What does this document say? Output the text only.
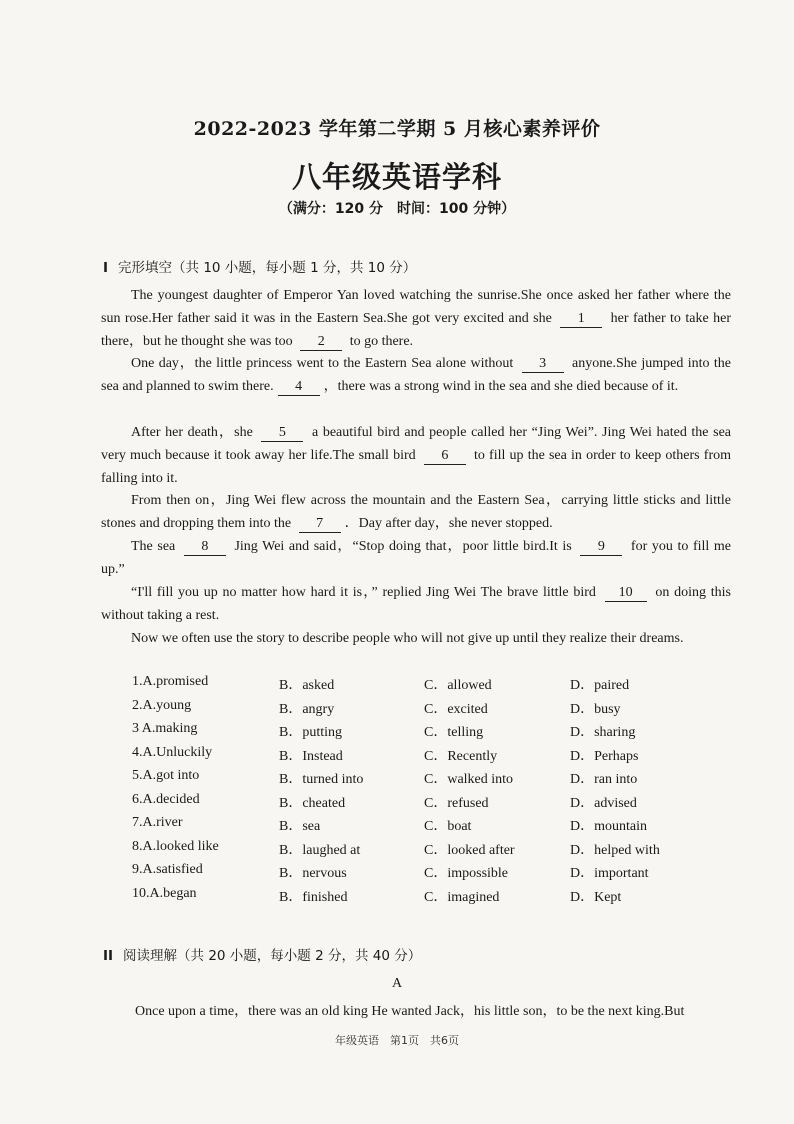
2022-2023 学年第二学期 5 月核心素养评价
八年级英语学科
（满分：120 分　时间：100 分钟）
I 完形填空（共 10 小题，每小题 1 分，共 10 分）
The youngest daughter of Emperor Yan loved watching the sunrise.She once asked her father where the sun rose.Her father said it was in the Eastern Sea.She got very excited and she 1 her father to take her there，but he thought she was too 2 to go there.
One day，the little princess went to the Eastern Sea alone without 3 anyone.She jumped into the sea and planned to swim there. 4 ，there was a strong wind in the sea and she died because of it.
After her death，she 5 a beautiful bird and people called her “Jing Wei”. Jing Wei hated the sea very much because it took away her life.The small bird 6 to fill up the sea in order to keep others from falling into it.
From then on，Jing Wei flew across the mountain and the Eastern Sea，carrying little sticks and little stones and dropping them into the 7 ．Day after day，she never stopped.
The sea 8 Jing Wei and said，“Stop doing that，poor little bird.It is 9 for you to fill me up.”
“I'll fill you up no matter how hard it is，” replied Jing Wei The brave little bird 10 on doing this without taking a rest.
Now we often use the story to describe people who will not give up until they realize their dreams.
1.A.promised	B．asked	C．allowed	D．paired
2.A.young	B．angry	C．excited	D．busy
3 A.making	B．putting	C．telling	D．sharing
4.A.Unluckily	B．Instead	C．Recently	D．Perhaps
5.A.got into	B．turned into	C．walked into	D．ran into
6.A.decided	B．cheated	C．refused	D．advised
7.A.river	B．sea	C．boat	D．mountain
8.A.looked like	B．laughed at	C．looked after	D．helped with
9.A.satisfied	B．nervous	C．impossible	D．important
10.A.began	B．finished	C．imagined	D．Kept
II 阅读理解（共 20 小题，每小题 2 分，共 40 分）
A
Once upon a time，there was an old king He wanted Jack，his little son，to be the next king.But
年级英语　第1页　共6页
